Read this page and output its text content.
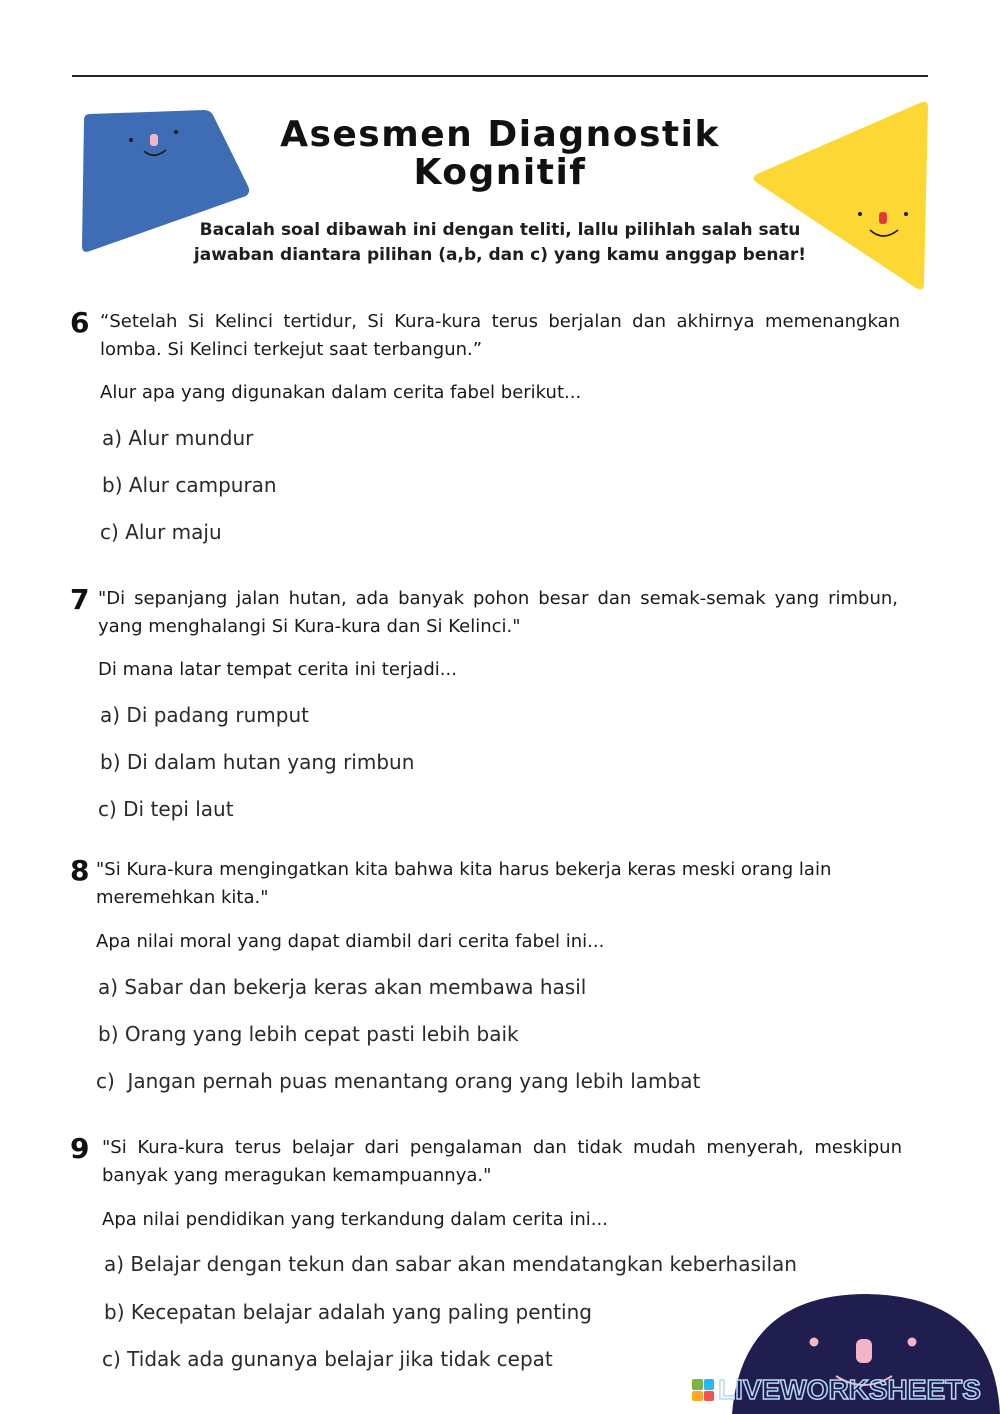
Asesmen Diagnostik
Kognitif
Bacalah soal dibawah ini dengan teliti, lallu pilihlah salah satu
jawaban diantara pilihan (a,b, dan c) yang kamu anggap benar!
6 “Setelah Si Kelinci tertidur, Si Kura-kura terus berjalan dan akhirnya memenangkan lomba. Si Kelinci terkejut saat terbangun.”
Alur apa yang digunakan dalam cerita fabel berikut...
a) Alur mundur
b) Alur campuran
c) Alur maju
7 "Di sepanjang jalan hutan, ada banyak pohon besar dan semak-semak yang rimbun, yang menghalangi Si Kura-kura dan Si Kelinci."
Di mana latar tempat cerita ini terjadi...
a) Di padang rumput
b) Di dalam hutan yang rimbun
c) Di tepi laut
8 "Si Kura-kura mengingatkan kita bahwa kita harus bekerja keras meski orang lain meremehkan kita."
Apa nilai moral yang dapat diambil dari cerita fabel ini...
a) Sabar dan bekerja keras akan membawa hasil
b) Orang yang lebih cepat pasti lebih baik
c)  Jangan pernah puas menantang orang yang lebih lambat
9 "Si Kura-kura terus belajar dari pengalaman dan tidak mudah menyerah, meskipun banyak yang meragukan kemampuannya."
Apa nilai pendidikan yang terkandung dalam cerita ini...
a) Belajar dengan tekun dan sabar akan mendatangkan keberhasilan
b) Kecepatan belajar adalah yang paling penting
c) Tidak ada gunanya belajar jika tidak cepat
LIVEWORKSHEETS
